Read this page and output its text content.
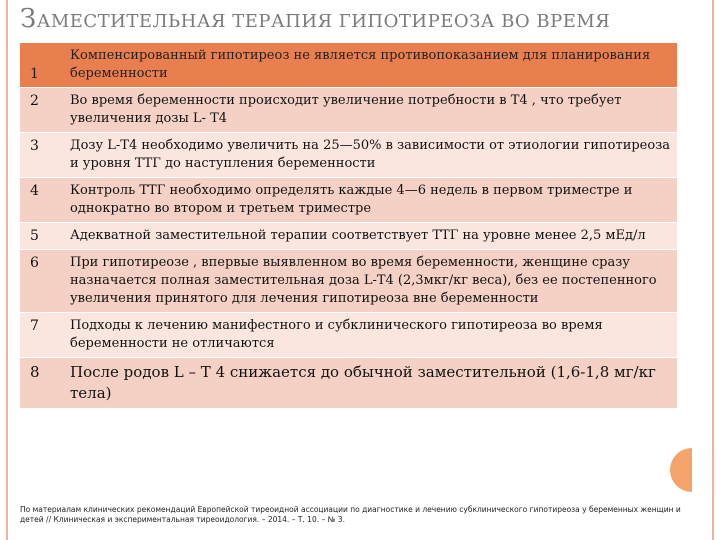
ЗАМЕСТИТЕЛЬНАЯ ТЕРАПИЯ ГИПОТИРЕОЗА ВО ВРЕМЯ
1	Компенсированный гипотиреоз не является противопоказанием для планирования беременности
2	Во время беременности происходит увеличение потребности в Т4 , что требует увеличения дозы L- Т4
3	Дозу L-Т4 необходимо увеличить на 25—50% в зависимости от этиологии гипотиреоза и уровня ТТГ до наступления беременности
4	Контроль ТТГ необходимо определять каждые 4—6 недель в первом триместре и однократно во втором и третьем триместре
5	Адекватной заместительной терапии соответствует ТТГ на уровне менее 2,5 мЕд/л
6	При гипотиреозе , впервые выявленном во время беременности, женщине сразу назначается полная заместительная доза L-Т4 (2,3мкг/кг веса), без ее постепенного увеличения принятого для лечения гипотиреоза вне беременности
7	Подходы к лечению манифестного и субклинического гипотиреоза во время беременности не отличаются
8	После родов L – Т 4 снижается до обычной заместительной (1,6-1,8 мг/кг тела)
По материалам клинических рекомендаций Европейской тиреоидной ассоциации по диагностике и лечению субклинического гипотиреоза у беременных женщин и детей // Клиническая и экспериментальная тиреоидология. – 2014. – Т. 10. – № 3.
